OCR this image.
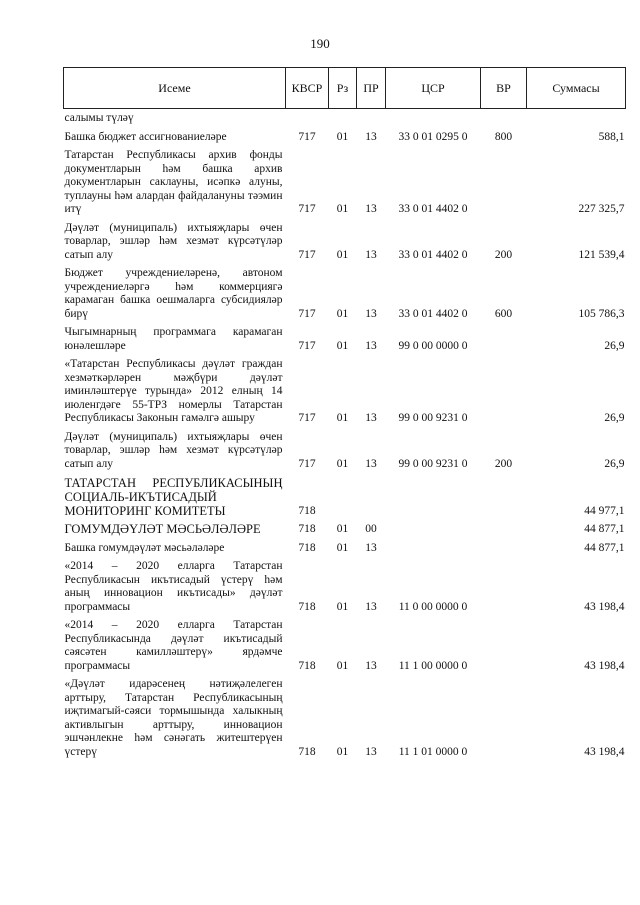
190
Исеме	КВСР	Рз	ПР	ЦСР	ВР	Суммасы
салымы түләү						
Башка бюджет ассигнованиеләре	717	01	13	33 0 01 0295 0	800	588,1
Татарстан Республикасы архив фонды документларын һәм башка архив документларын саклауны, исәпкә алуны, туплауны һәм алардан файдалануны тәэмин итү	717	01	13	33 0 01 4402 0		227 325,7
Дәүләт (муниципаль) ихтыяҗлары өчен товарлар, эшләр һәм хезмәт күрсәтүләр сатып алу	717	01	13	33 0 01 4402 0	200	121 539,4
Бюджет учреждениеләренә, автоном учреждениеләргә һәм коммерциягә карамаган башка оешмаларга субсидияләр бирү	717	01	13	33 0 01 4402 0	600	105 786,3
Чыгымнарның программага карамаган юнәлешләре	717	01	13	99 0 00 0000 0		26,9
«Татарстан Республикасы дәүләт граждан хезмәткәрләрен мәҗбүри дәүләт иминләштерүе турында» 2012 елның 14 июленгдәге 55-ТРЗ номерлы Татарстан Республикасы Законын гамәлгә ашыру	717	01	13	99 0 00 9231 0		26,9
Дәүләт (муниципаль) ихтыяҗлары өчен товарлар, эшләр һәм хезмәт күрсәтүләр сатып алу	717	01	13	99 0 00 9231 0	200	26,9
ТАТАРСТАН РЕСПУБЛИКАСЫНЫҢ СОЦИАЛЬ-ИКЪТИСАДЫЙ МОНИТОРИНГ КОМИТЕТЫ	718					44 977,1
ГОМУМДӘҮЛӘТ МӘСЬӘЛӘЛӘРЕ	718	01	00			44 877,1
Башка гомумдәүләт мәсьәләләре	718	01	13			44 877,1
«2014 – 2020 елларга Татарстан Республикасын икътисадый үстерү һәм аның инновацион икътисады» дәүләт программасы	718	01	13	11 0 00 0000 0		43 198,4
«2014 – 2020 елларга Татарстан Республикасында дәүләт икътисадый сәясәтен камилләштерү» ярдәмче программасы	718	01	13	11 1 00 0000 0		43 198,4
«Дәүләт идарәсенең нәтиҗәлелеген арттыру, Татарстан Республикасының иҗтимагый-сәяси тормышында халыкның активлыгын арттыру, инновацион эшчәнлекне һәм сәнәгать житештерүен үстерү	718	01	13	11 1 01 0000 0		43 198,4
